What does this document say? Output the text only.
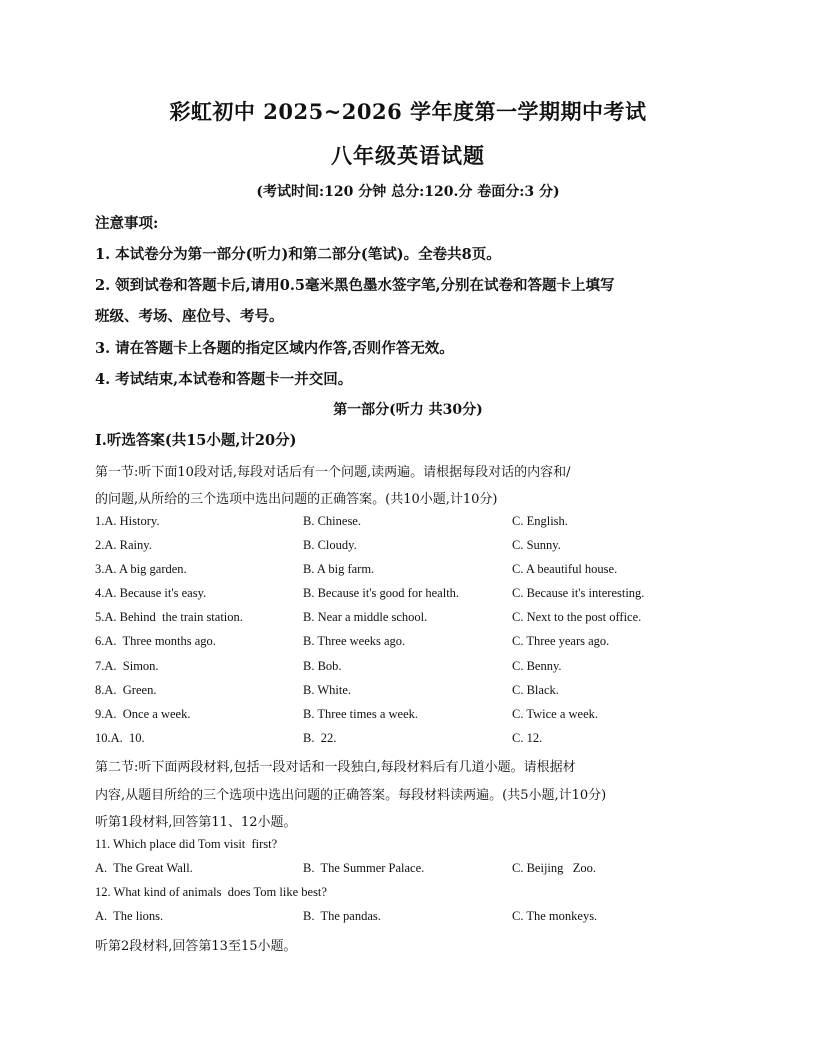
彩虹初中 2025~2026 学年度第一学期期中考试
八年级英语试题
(考试时间:120 分钟 总分:120.分 卷面分:3 分)
注意事项:
1. 本试卷分为第一部分(听力)和第二部分(笔试)。全卷共8页。
2. 领到试卷和答题卡后,请用0.5毫米黑色墨水签字笔,分别在试卷和答题卡上填写
班级、考场、座位号、考号。
3. 请在答题卡上各题的指定区域内作答,否则作答无效。
4. 考试结束,本试卷和答题卡一并交回。
第一部分(听力 共30分)
Ⅰ.听选答案(共15小题,计20分)
第一节:听下面10段对话,每段对话后有一个问题,读两遍。请根据每段对话的内容和/
的问题,从所给的三个选项中选出问题的正确答案。(共10小题,计10分)
1.A. History.	B. Chinese.	C. English.
2.A. Rainy.	B. Cloudy.	C. Sunny.
3.A. A big garden.	B. A big farm.	C. A beautiful house.
4.A. Because it's easy.	B. Because it's good for health.	C. Because it's interesting.
5.A. Behind  the train station.	B. Near a middle school.	C. Next to the post office.
6.A.  Three months ago.	B. Three weeks ago.	C. Three years ago.
7.A.  Simon.	B. Bob.	C. Benny.
8.A.  Green.	B. White.	C. Black.
9.A.  Once a week.	B. Three times a week.	C. Twice a week.
10.A.  10.	B.  22.	C. 12.
第二节:听下面两段材料,包括一段对话和一段独白,每段材料后有几道小题。请根据材
内容,从题目所给的三个选项中选出问题的正确答案。每段材料读两遍。(共5小题,计10分)
听第1段材料,回答第11、12小题。
11. Which place did Tom visit  first?
A.  The Great Wall.	B.  The Summer Palace.	C. Beijing   Zoo.
12. What kind of animals  does Tom like best?
A.  The lions.	B.  The pandas.	C. The monkeys.
听第2段材料,回答第13至15小题。
